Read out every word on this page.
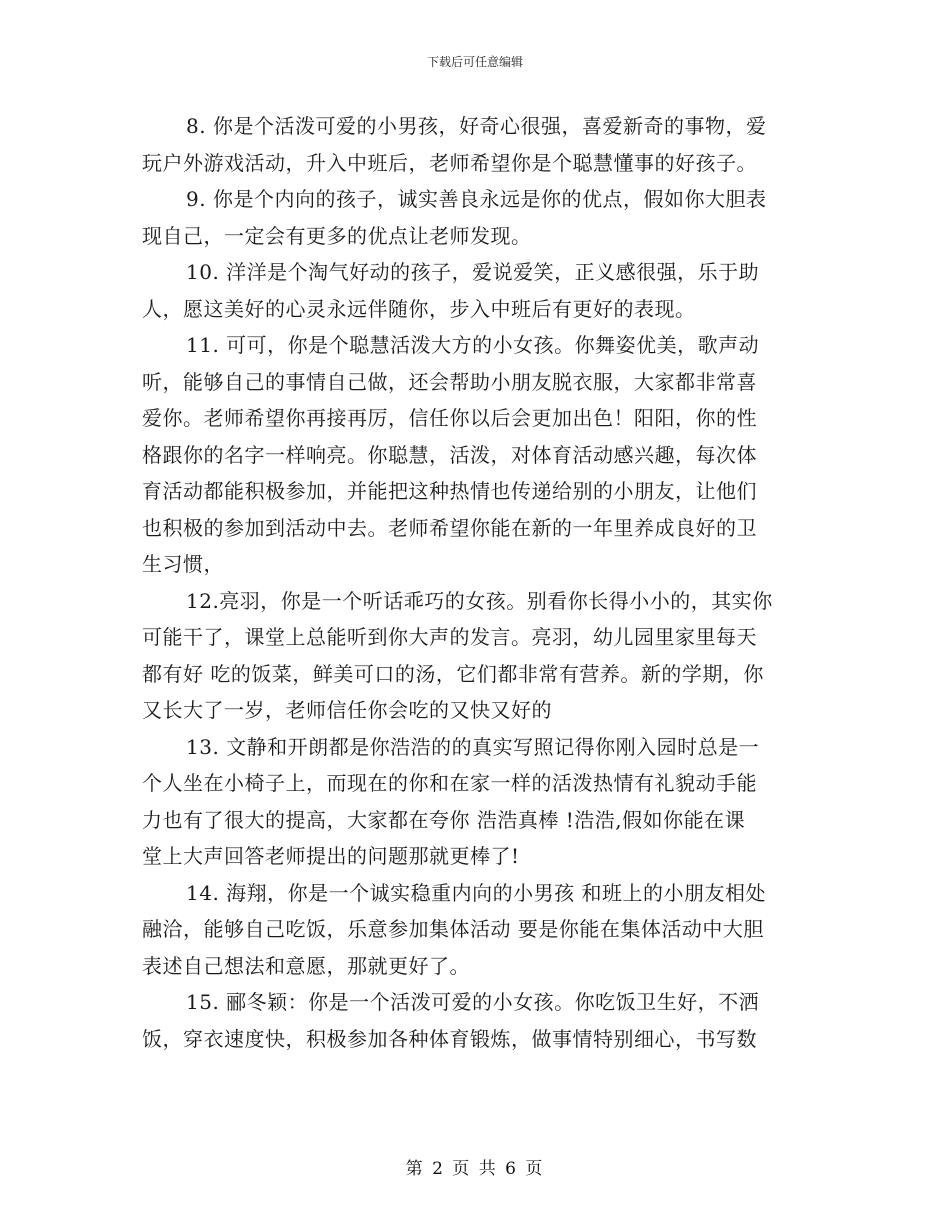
下载后可任意编辑

8. 你是个活泼可爱的小男孩，好奇心很强，喜爱新奇的事物，爱
玩户外游戏活动，升入中班后，老师希望你是个聪慧懂事的好孩子。

9. 你是个内向的孩子，诚实善良永远是你的优点，假如你大胆表
现自己，一定会有更多的优点让老师发现。

10. 洋洋是个淘气好动的孩子，爱说爱笑，正义感很强，乐于助
人，愿这美好的心灵永远伴随你，步入中班后有更好的表现。

11. 可可，你是个聪慧活泼大方的小女孩。你舞姿优美，歌声动
听，能够自己的事情自己做，还会帮助小朋友脱衣服，大家都非常喜
爱你。老师希望你再接再厉，信任你以后会更加出色！阳阳，你的性
格跟你的名字一样响亮。你聪慧，活泼，对体育活动感兴趣，每次体
育活动都能积极参加，并能把这种热情也传递给别的小朋友，让他们
也积极的参加到活动中去。老师希望你能在新的一年里养成良好的卫
生习惯，

12.亮羽，你是一个听话乖巧的女孩。别看你长得小小的，其实你
可能干了，课堂上总能听到你大声的发言。亮羽，幼儿园里家里每天
都有好 吃的饭菜，鲜美可口的汤，它们都非常有营养。新的学期，你
又长大了一岁，老师信任你会吃的又快又好的

13. 文静和开朗都是你浩浩的的真实写照记得你刚入园时总是一
个人坐在小椅子上，而现在的你和在家一样的活泼热情有礼貌动手能
力也有了很大的提高，大家都在夸你 浩浩真棒 !浩浩,假如你能在课
堂上大声回答老师提出的问题那就更棒了!

14. 海翔，你是一个诚实稳重内向的小男孩 和班上的小朋友相处
融洽，能够自己吃饭，乐意参加集体活动 要是你能在集体活动中大胆
表述自己想法和意愿，那就更好了。

15. 郦冬颖：你是一个活泼可爱的小女孩。你吃饭卫生好，不洒
饭，穿衣速度快，积极参加各种体育锻炼，做事情特别细心，书写数

第 2 页 共 6 页
